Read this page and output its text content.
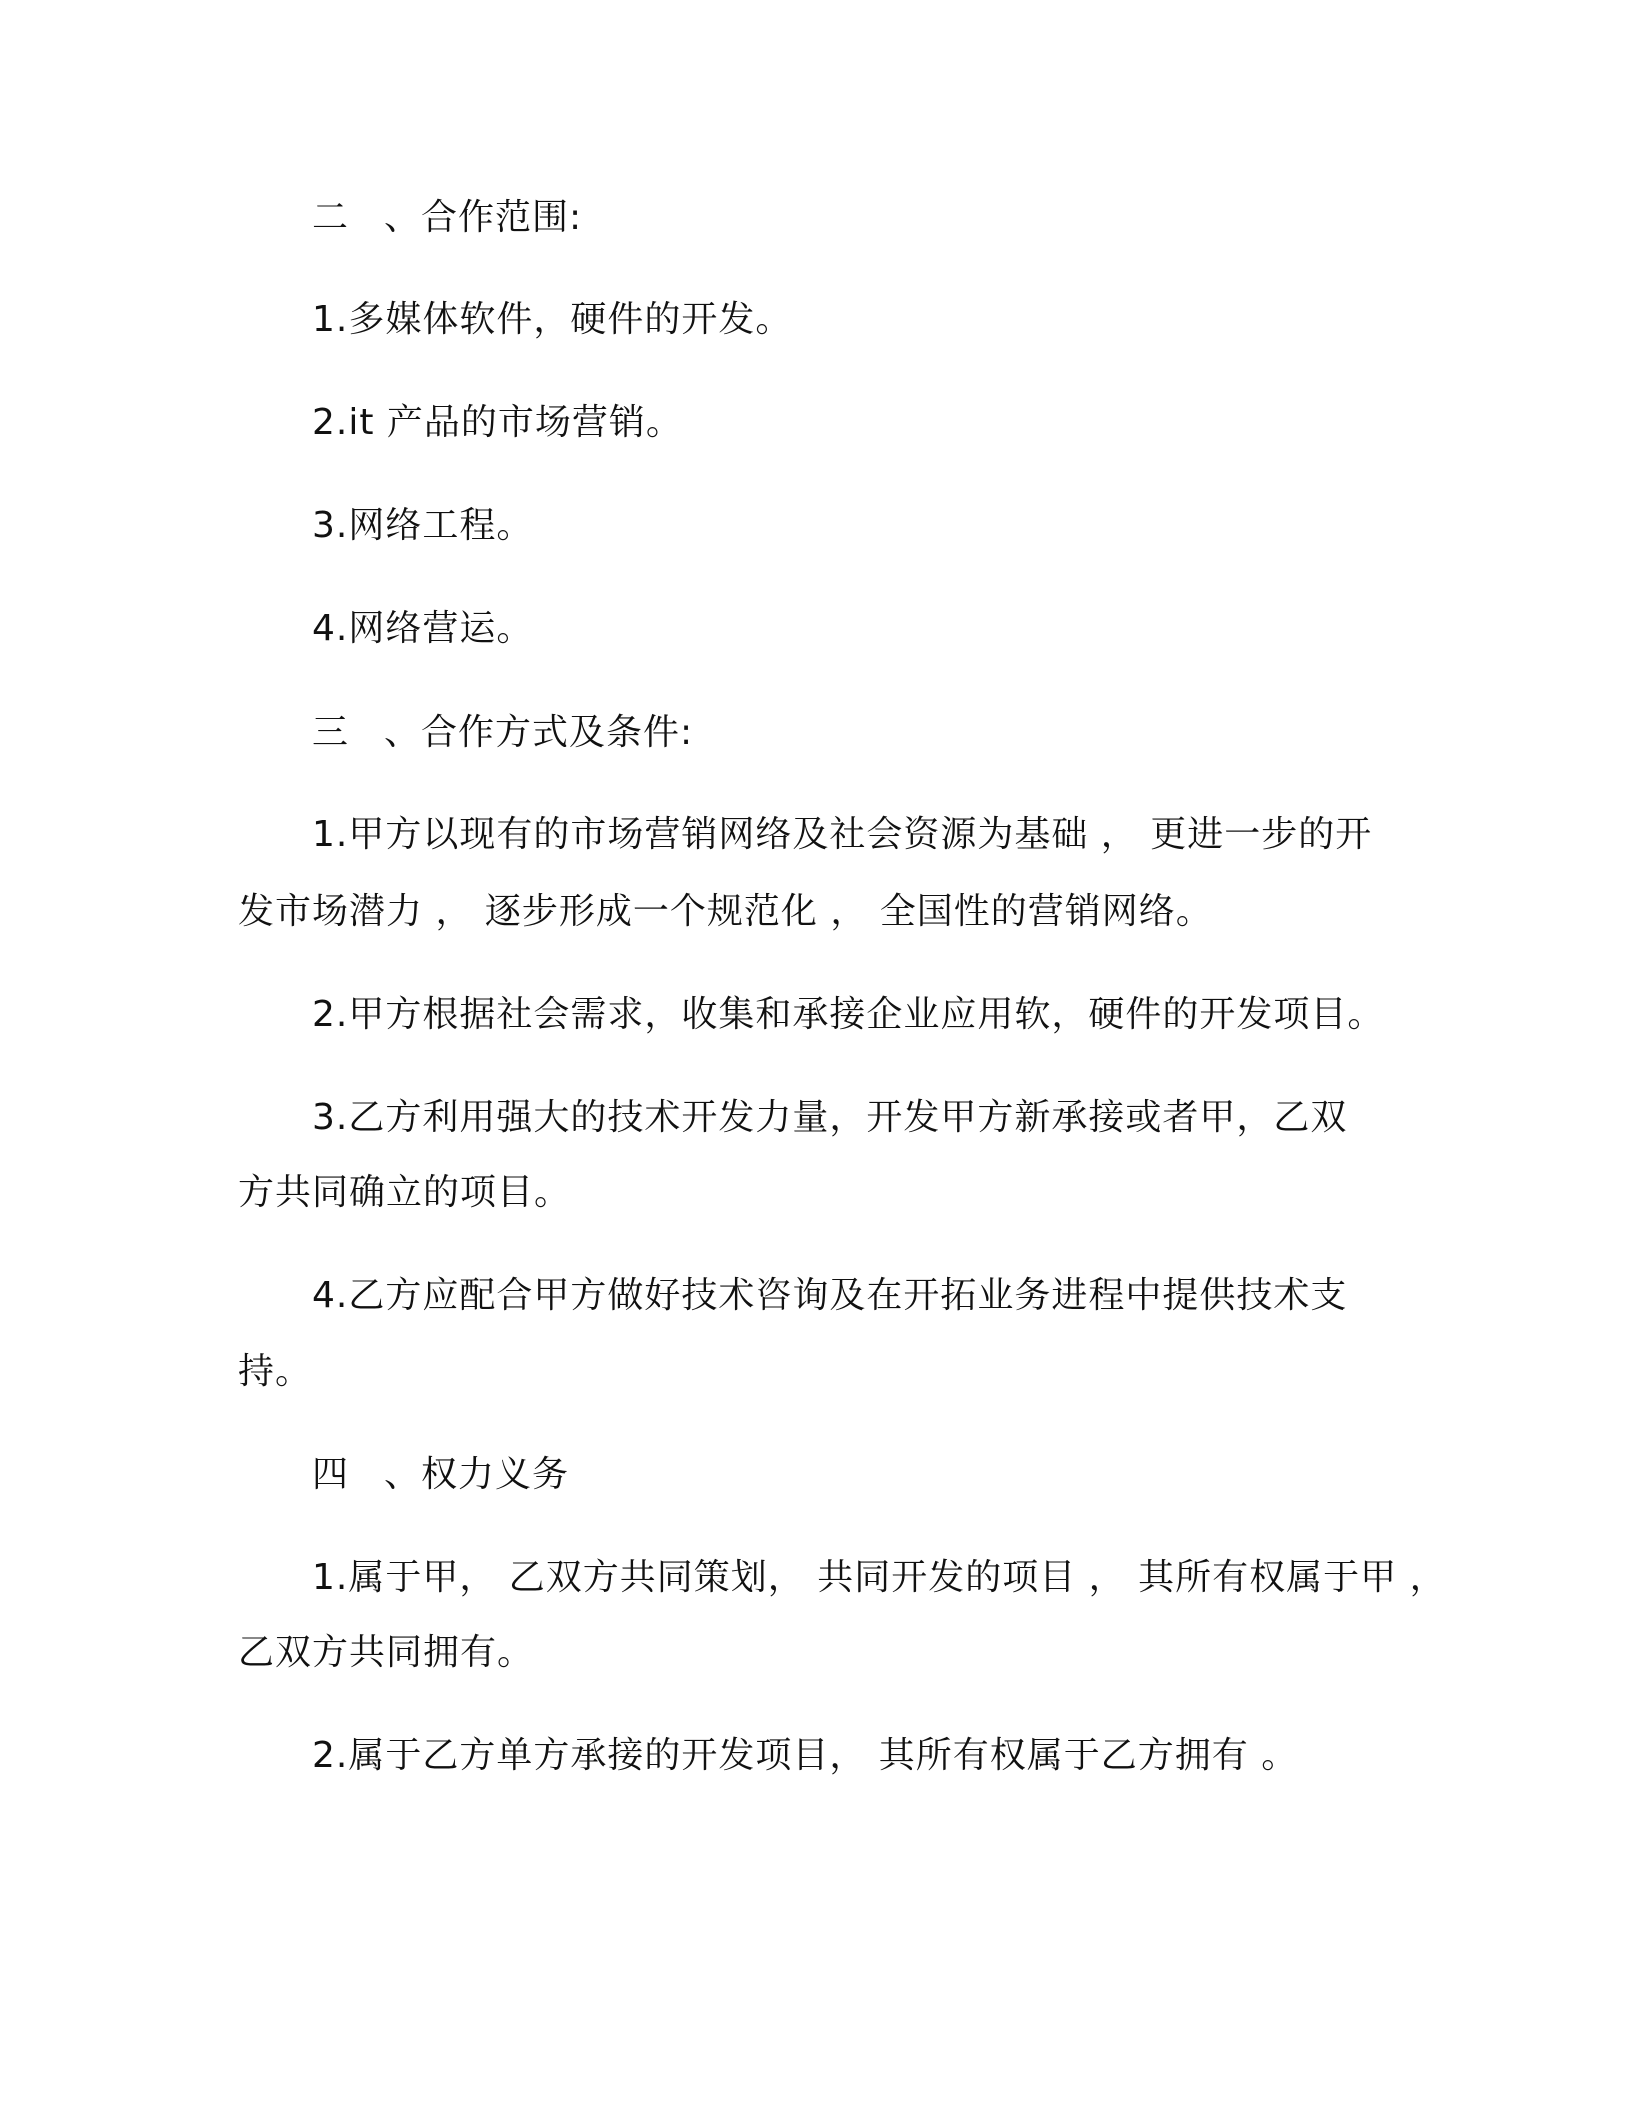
二 、合作范围:
1.多媒体软件，硬件的开发。
2.it 产品的市场营销。
3.网络工程。
4.网络营运。
三 、合作方式及条件:
1.甲方以现有的市场营销网络及社会资源为基础 ， 更进一步的开
发市场潜力 ， 逐步形成一个规范化 ， 全国性的营销网络。
2.甲方根据社会需求，收集和承接企业应用软，硬件的开发项目。
3.乙方利用强大的技术开发力量，开发甲方新承接或者甲，乙双
方共同确立的项目。
4.乙方应配合甲方做好技术咨询及在开拓业务进程中提供技术支
持。
四 、权力义务
1.属于甲， 乙双方共同策划， 共同开发的项目 ， 其所有权属于甲 ，
乙双方共同拥有。
2.属于乙方单方承接的开发项目， 其所有权属于乙方拥有 。
